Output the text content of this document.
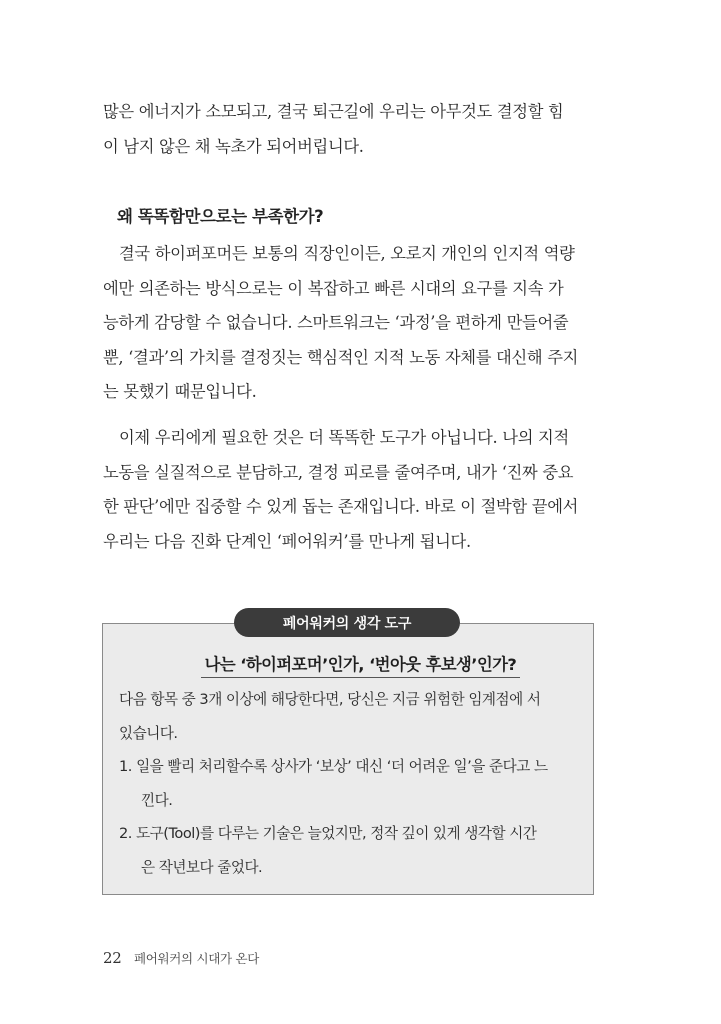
많은 에너지가 소모되고, 결국 퇴근길에 우리는 아무것도 결정할 힘
이 남지 않은 채 녹초가 되어버립니다.

왜 똑똑함만으로는 부족한가?

결국 하이퍼포머든 보통의 직장인이든, 오로지 개인의 인지적 역량
에만 의존하는 방식으로는 이 복잡하고 빠른 시대의 요구를 지속 가
능하게 감당할 수 없습니다. 스마트워크는 ‘과정’을 편하게 만들어줄
뿐, ‘결과’의 가치를 결정짓는 핵심적인 지적 노동 자체를 대신해 주지
는 못했기 때문입니다.

이제 우리에게 필요한 것은 더 똑똑한 도구가 아닙니다. 나의 지적
노동을 실질적으로 분담하고, 결정 피로를 줄여주며, 내가 ‘진짜 중요
한 판단’에만 집중할 수 있게 돕는 존재입니다. 바로 이 절박함 끝에서
우리는 다음 진화 단계인 ‘페어워커’를 만나게 됩니다.

페어워커의 생각 도구
나는 ‘하이퍼포머’인가, ‘번아웃 후보생’인가?

다음 항목 중 3개 이상에 해당한다면, 당신은 지금 위험한 임계점에 서
있습니다.

1. 일을 빨리 처리할수록 상사가 ‘보상’ 대신 ‘더 어려운 일’을 준다고 느
낀다.

2. 도구(Tool)를 다루는 기술은 늘었지만, 정작 깊이 있게 생각할 시간
은 작년보다 줄었다.

22 페어워커의 시대가 온다
